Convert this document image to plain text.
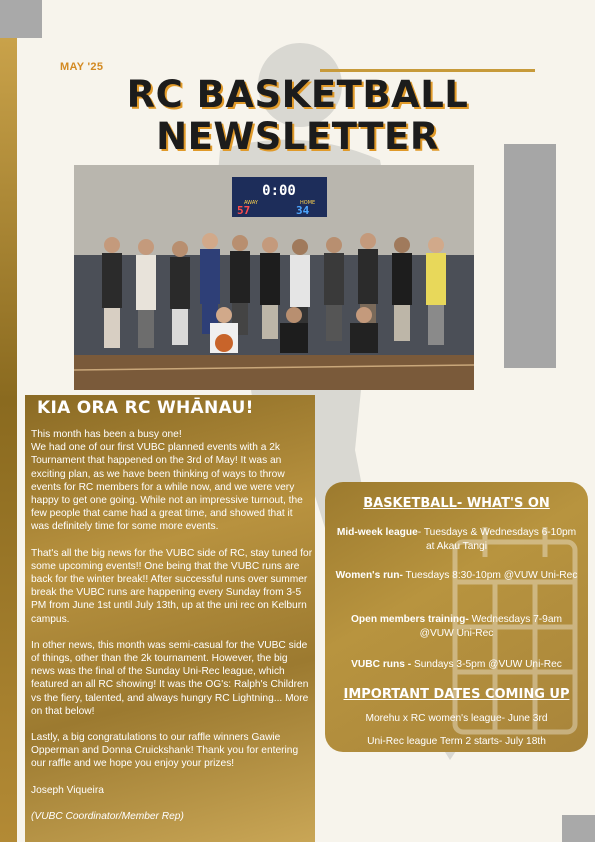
MAY '25
RC BASKETBALL
NEWSLETTER
0:00
AWAY	HOME
57	34
KIA ORA RC WHĀNAU!

This month has been a busy one!
We had one of our first VUBC planned events with a 2k Tournament that happened on the 3rd of May! It was an exciting plan, as we have been thinking of ways to throw events for RC members for a while now, and we were very happy to get one going. While not an impressive turnout, the few people that came had a great time, and showed that it was definitely time for some more events.

That's all the big news for the VUBC side of RC, stay tuned for some upcoming events!! One being that the VUBC runs are back for the winter break!! After successful runs over summer break the VUBC runs are happening every Sunday from 3-5 PM from June 1st until July 13th, up at the uni rec on Kelburn campus.

In other news, this month was semi-casual for the VUBC side of things, other than the 2k tournament. However, the big news was the final of the Sunday Uni-Rec league, which featured an all RC showing! It was the OG's: Ralph's Children vs the fiery, talented, and always hungry RC Lightning... More on that below!

Lastly, a big congratulations to our raffle winners Gawie Opperman and Donna Cruickshank! Thank you for entering our raffle and we hope you enjoy your prizes!

Joseph Viqueira

(VUBC Coordinator/Member Rep)

BASKETBALL- WHAT'S ON
Mid-week league- Tuesdays & Wednesdays 6-10pm at Akau Tangi
Women's run- Tuesdays 8:30-10pm @VUW Uni-Rec
Open members training- Wednesdays 7-9am @VUW Uni-Rec
VUBC runs - Sundays 3-5pm @VUW Uni-Rec
IMPORTANT DATES COMING UP
Morehu x RC women's league- June 3rd
Uni-Rec league Term 2 starts- July 18th
